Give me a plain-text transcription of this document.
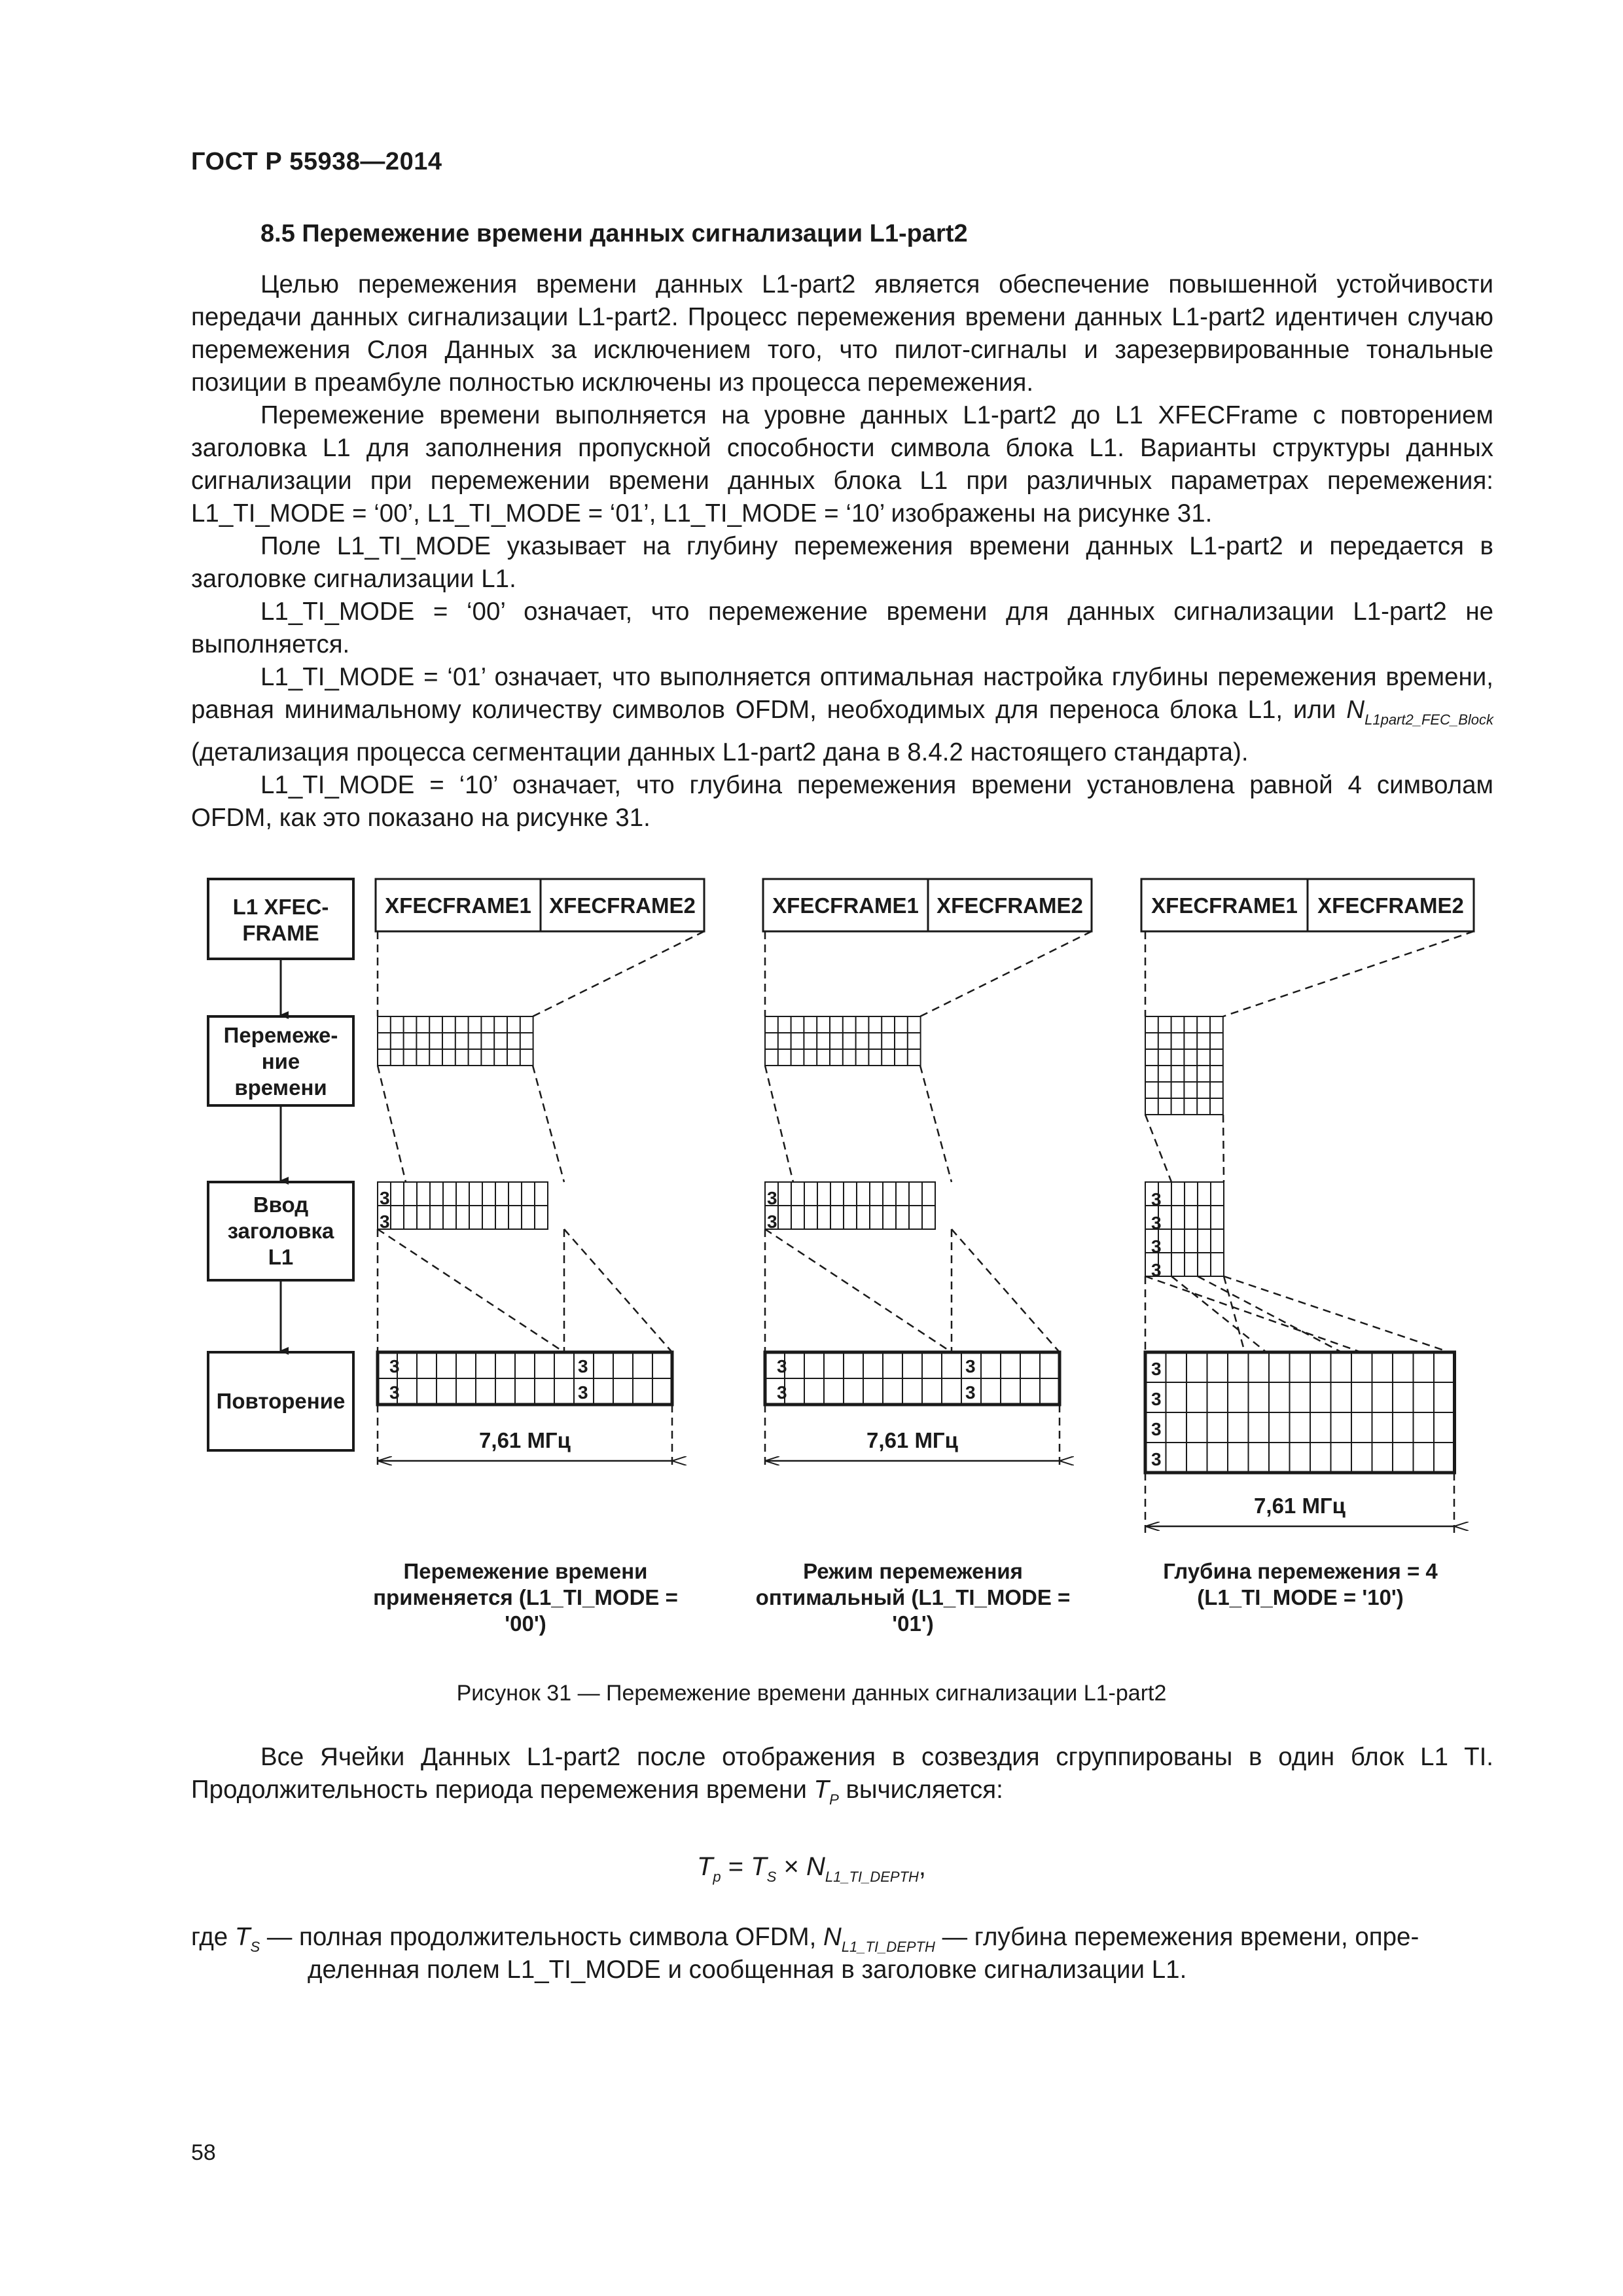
ГОСТ Р 55938—2014
8.5 Перемежение времени данных сигнализации L1-part2

Целью перемежения времени данных L1-part2 является обеспечение повышенной устойчивости передачи данных сигнализации L1-part2. Процесс перемежения времени данных L1-part2 идентичен случаю перемежения Слоя Данных за исключением того, что пилот-сигналы и зарезервированные тональные позиции в преамбуле полностью исключены из процесса перемежения.

Перемежение времени выполняется на уровне данных L1-part2 до L1 XFECFrame с повторением заголовка L1 для заполнения пропускной способности символа блока L1. Варианты структуры данных сигнализации при перемежении времени данных блока L1 при различных параметрах перемежения: L1_TI_MODE = ‘00’, L1_TI_MODE = ‘01’, L1_TI_MODE = ‘10’ изображены на рисунке 31.

Поле L1_TI_MODE указывает на глубину перемежения времени данных L1-part2 и передается в заголовке сигнализации L1.

L1_TI_MODE = ‘00’ означает, что перемежение времени для данных сигнализации L1-part2 не выполняется.

L1_TI_MODE = ‘01’ означает, что выполняется оптимальная настройка глубины перемежения времени, равная минимальному количеству символов OFDM, необходимых для переноса блока L1, или $N_{L1part2\_FEC\_Block}$ (детализация процесса сегментации данных L1-part2 дана в 8.4.2 настоящего стандарта).

L1_TI_MODE = ‘10’ означает, что глубина перемежения времени установлена равной 4 символам OFDM, как это показано на рисунке 31.

L1 XFEC-
FRAME
Перемеже-
ние
времени
Ввод
заголовка
L1
Повторение
XFECFRAME1 XFECFRAME2
3
3
3
3
3
3
7,61 МГц
XFECFRAME1 XFECFRAME2
3
3
3
3
3
3
7,61 МГц
XFECFRAME1 XFECFRAME2
3
3
3
3
3
3
3
3
7,61 МГц
Перемежение времени
применяется (L1_TI_MODE =
'00')
Режим перемежения
оптимальный (L1_TI_MODE =
'01')
Глубина перемежения = 4
(L1_TI_MODE = '10')
Рисунок 31 — Перемежение времени данных сигнализации L1-part2

Все Ячейки Данных L1-part2 после отображения в созвездия сгруппированы в один блок L1 TI. Продолжительность периода перемежения времени $T_P$ вычисляется:

$T_p = T_S \times N_{L1\_TI\_DEPTH}$,
где $T_S$ — полная продолжительность символа OFDM, $N_{L1\_TI\_DEPTH}$ — глубина перемежения времени, опре-
деленная полем L1_TI_MODE и сообщенная в заголовке сигнализации L1.
58
